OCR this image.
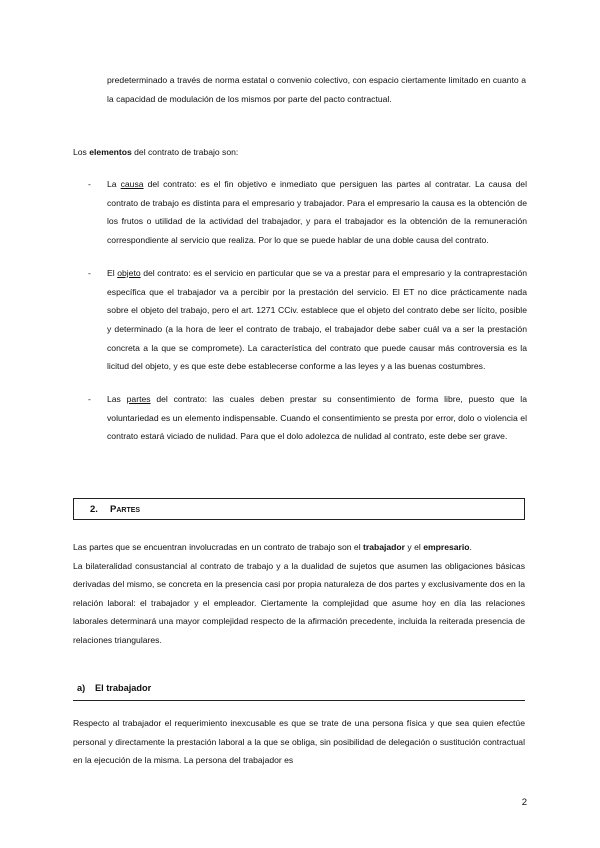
predeterminado a través de norma estatal o convenio colectivo, con espacio ciertamente limitado en cuanto a la capacidad de modulación de los mismos por parte del pacto contractual.

Los elementos del contrato de trabajo son:

- La causa del contrato: es el fin objetivo e inmediato que persiguen las partes al contratar. La causa del contrato de trabajo es distinta para el empresario y trabajador. Para el empresario la causa es la obtención de los frutos o utilidad de la actividad del trabajador, y para el trabajador es la obtención de la remuneración correspondiente al servicio que realiza. Por lo que se puede hablar de una doble causa del contrato.
- El objeto del contrato: es el servicio en particular que se va a prestar para el empresario y la contraprestación específica que el trabajador va a percibir por la prestación del servicio. El ET no dice prácticamente nada sobre el objeto del trabajo, pero el art. 1271 CCiv. establece que el objeto del contrato debe ser lícito, posible y determinado (a la hora de leer el contrato de trabajo, el trabajador debe saber cuál va a ser la prestación concreta a la que se compromete). La característica del contrato que puede causar más controversia es la licitud del objeto, y es que este debe establecerse conforme a las leyes y a las buenas costumbres.
- Las partes del contrato: las cuales deben prestar su consentimiento de forma libre, puesto que la voluntariedad es un elemento indispensable. Cuando el consentimiento se presta por error, dolo o violencia el contrato estará viciado de nulidad. Para que el dolo adolezca de nulidad al contrato, este debe ser grave.
2. Partes

Las partes que se encuentran involucradas en un contrato de trabajo son el trabajador y el empresario.
La bilateralidad consustancial al contrato de trabajo y a la dualidad de sujetos que asumen las obligaciones básicas derivadas del mismo, se concreta en la presencia casi por propia naturaleza de dos partes y exclusivamente dos en la relación laboral: el trabajador y el empleador. Ciertamente la complejidad que asume hoy en día las relaciones laborales determinará una mayor complejidad respecto de la afirmación precedente, incluida la reiterada presencia de relaciones triangulares.

a) El trabajador

Respecto al trabajador el requerimiento inexcusable es que se trate de una persona física y que sea quien efectúe personal y directamente la prestación laboral a la que se obliga, sin posibilidad de delegación o sustitución contractual en la ejecución de la misma. La persona del trabajador es

2
